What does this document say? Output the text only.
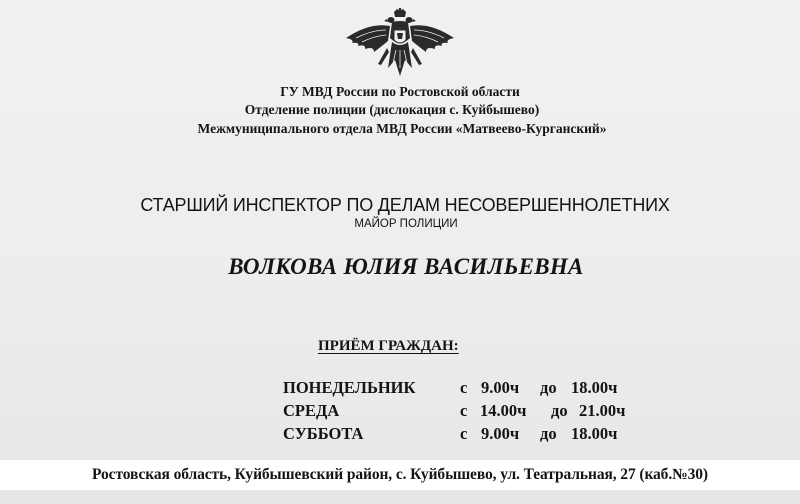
ГУ МВД России по Ростовской области
Отделение полиции (дислокация с. Куйбышево)
Межмуниципального отдела МВД России «Матвеево-Курганский»
СТАРШИЙ ИНСПЕКТОР ПО ДЕЛАМ НЕСОВЕРШЕННОЛЕТНИХ
МАЙОР ПОЛИЦИИ
ВОЛКОВА ЮЛИЯ ВАСИЛЬЕВНА
ПРИЁМ ГРАЖДАН:
ПОНЕДЕЛЬНИК	с 9.00ч до 18.00ч
СРЕДА	с 14.00ч до 21.00ч
СУББОТА	с 9.00ч до 18.00ч
Ростовская область, Куйбышевский район, с. Куйбышево, ул. Театральная, 27 (каб.№30)
